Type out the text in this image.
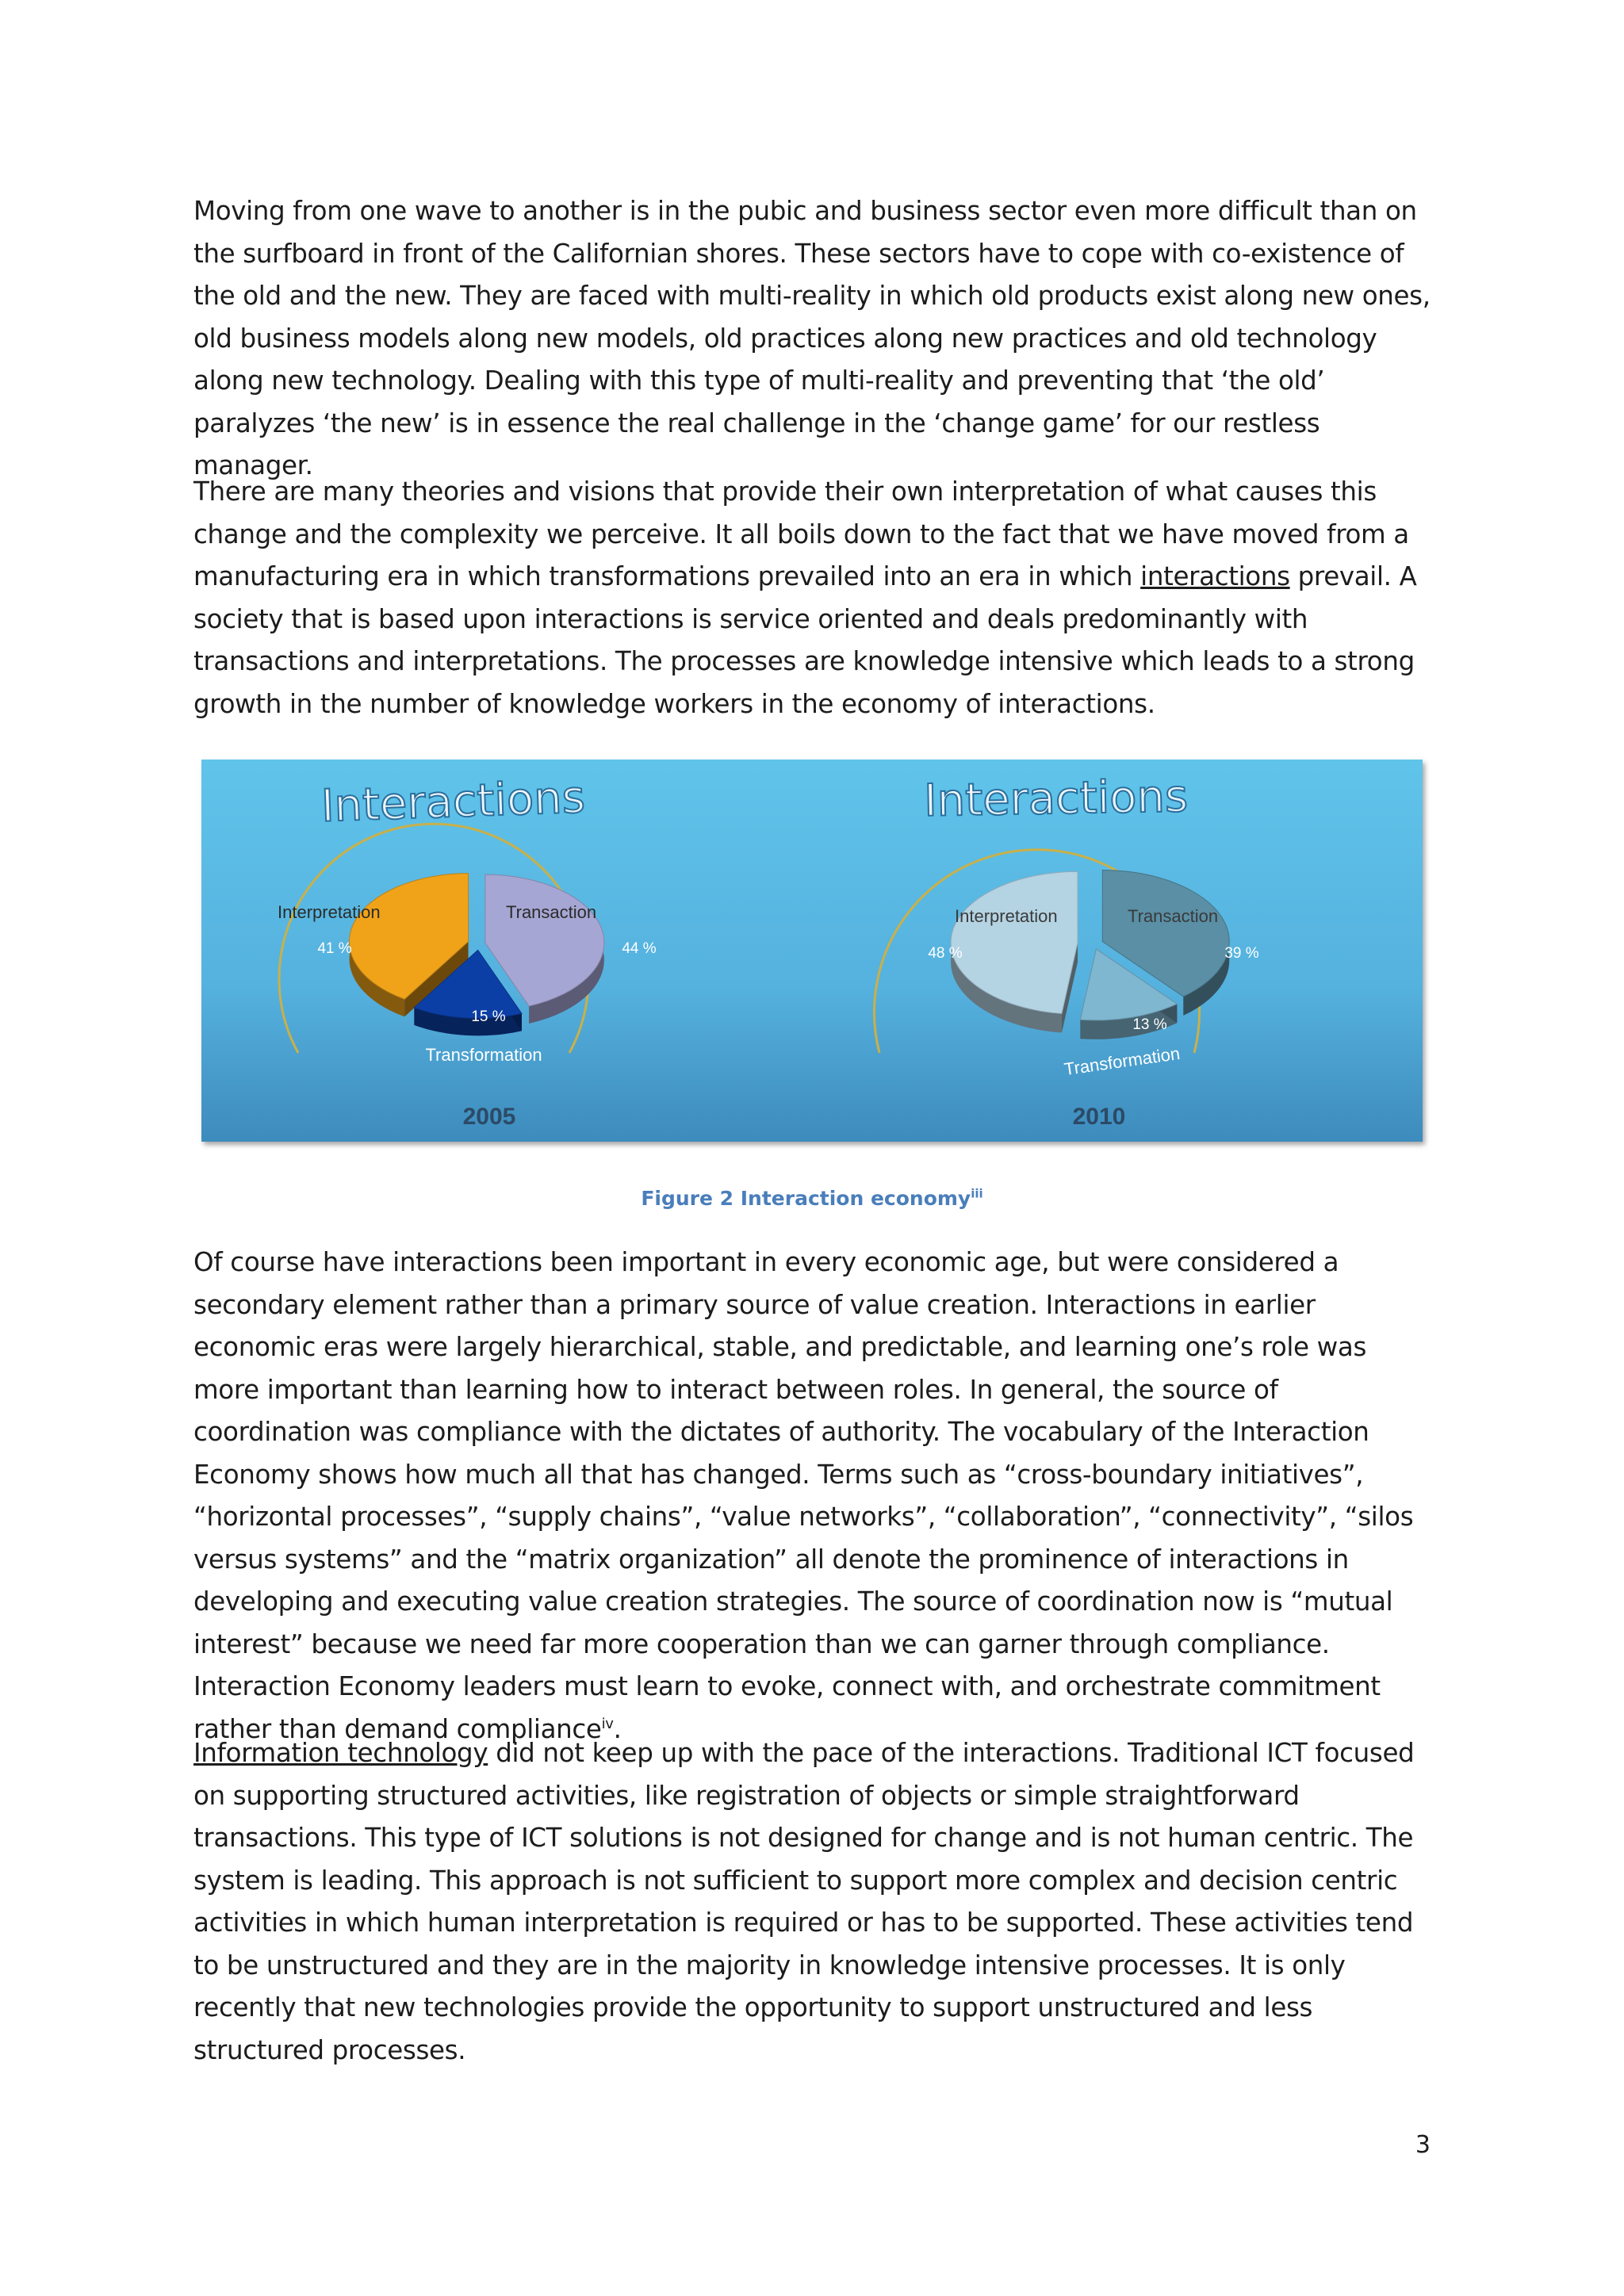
Moving from one wave to another is in the pubic and business sector even more difficult than on the surfboard in front of the Californian shores. These sectors have to cope with co-existence of the old and the new. They are faced with multi-reality in which old products exist along new ones, old business models along new models, old practices along new practices and old technology along new technology. Dealing with this type of multi-reality and preventing that ‘the old’ paralyzes ‘the new’ is in essence the real challenge in the ‘change game’ for our restless manager.

There are many theories and visions that provide their own interpretation of what causes this change and the complexity we perceive. It all boils down to the fact that we have moved from a manufacturing era in which transformations prevailed into an era in which interactions prevail. A society that is based upon interactions is service oriented and deals predominantly with transactions and interpretations. The processes are knowledge intensive which leads to a strong growth in the number of knowledge workers in the economy of interactions.

Interactions	Interactions
Interpretation
41 %
Transaction
44 %
Transformation
15 %
Interpretation
48 %
Transaction
39 %
Transformation
13 %
2005	2010

Figure 2 Interaction economy$^{iii}$

Of course have interactions been important in every economic age, but were considered a secondary element rather than a primary source of value creation. Interactions in earlier economic eras were largely hierarchical, stable, and predictable, and learning one’s role was more important than learning how to interact between roles. In general, the source of coordination was compliance with the dictates of authority. The vocabulary of the Interaction Economy shows how much all that has changed. Terms such as “cross-boundary initiatives”, “horizontal processes”, “supply chains”, “value networks”, “collaboration”, “connectivity”, “silos versus systems” and the “matrix organization” all denote the prominence of interactions in developing and executing value creation strategies. The source of coordination now is “mutual interest” because we need far more cooperation than we can garner through compliance. Interaction Economy leaders must learn to evoke, connect with, and orchestrate commitment rather than demand compliance$^{iv}$.

Information technology did not keep up with the pace of the interactions. Traditional ICT focused on supporting structured activities, like registration of objects or simple straightforward transactions. This type of ICT solutions is not designed for change and is not human centric. The system is leading. This approach is not sufficient to support more complex and decision centric activities in which human interpretation is required or has to be supported. These activities tend to be unstructured and they are in the majority in knowledge intensive processes. It is only recently that new technologies provide the opportunity to support unstructured and less structured processes.

3
